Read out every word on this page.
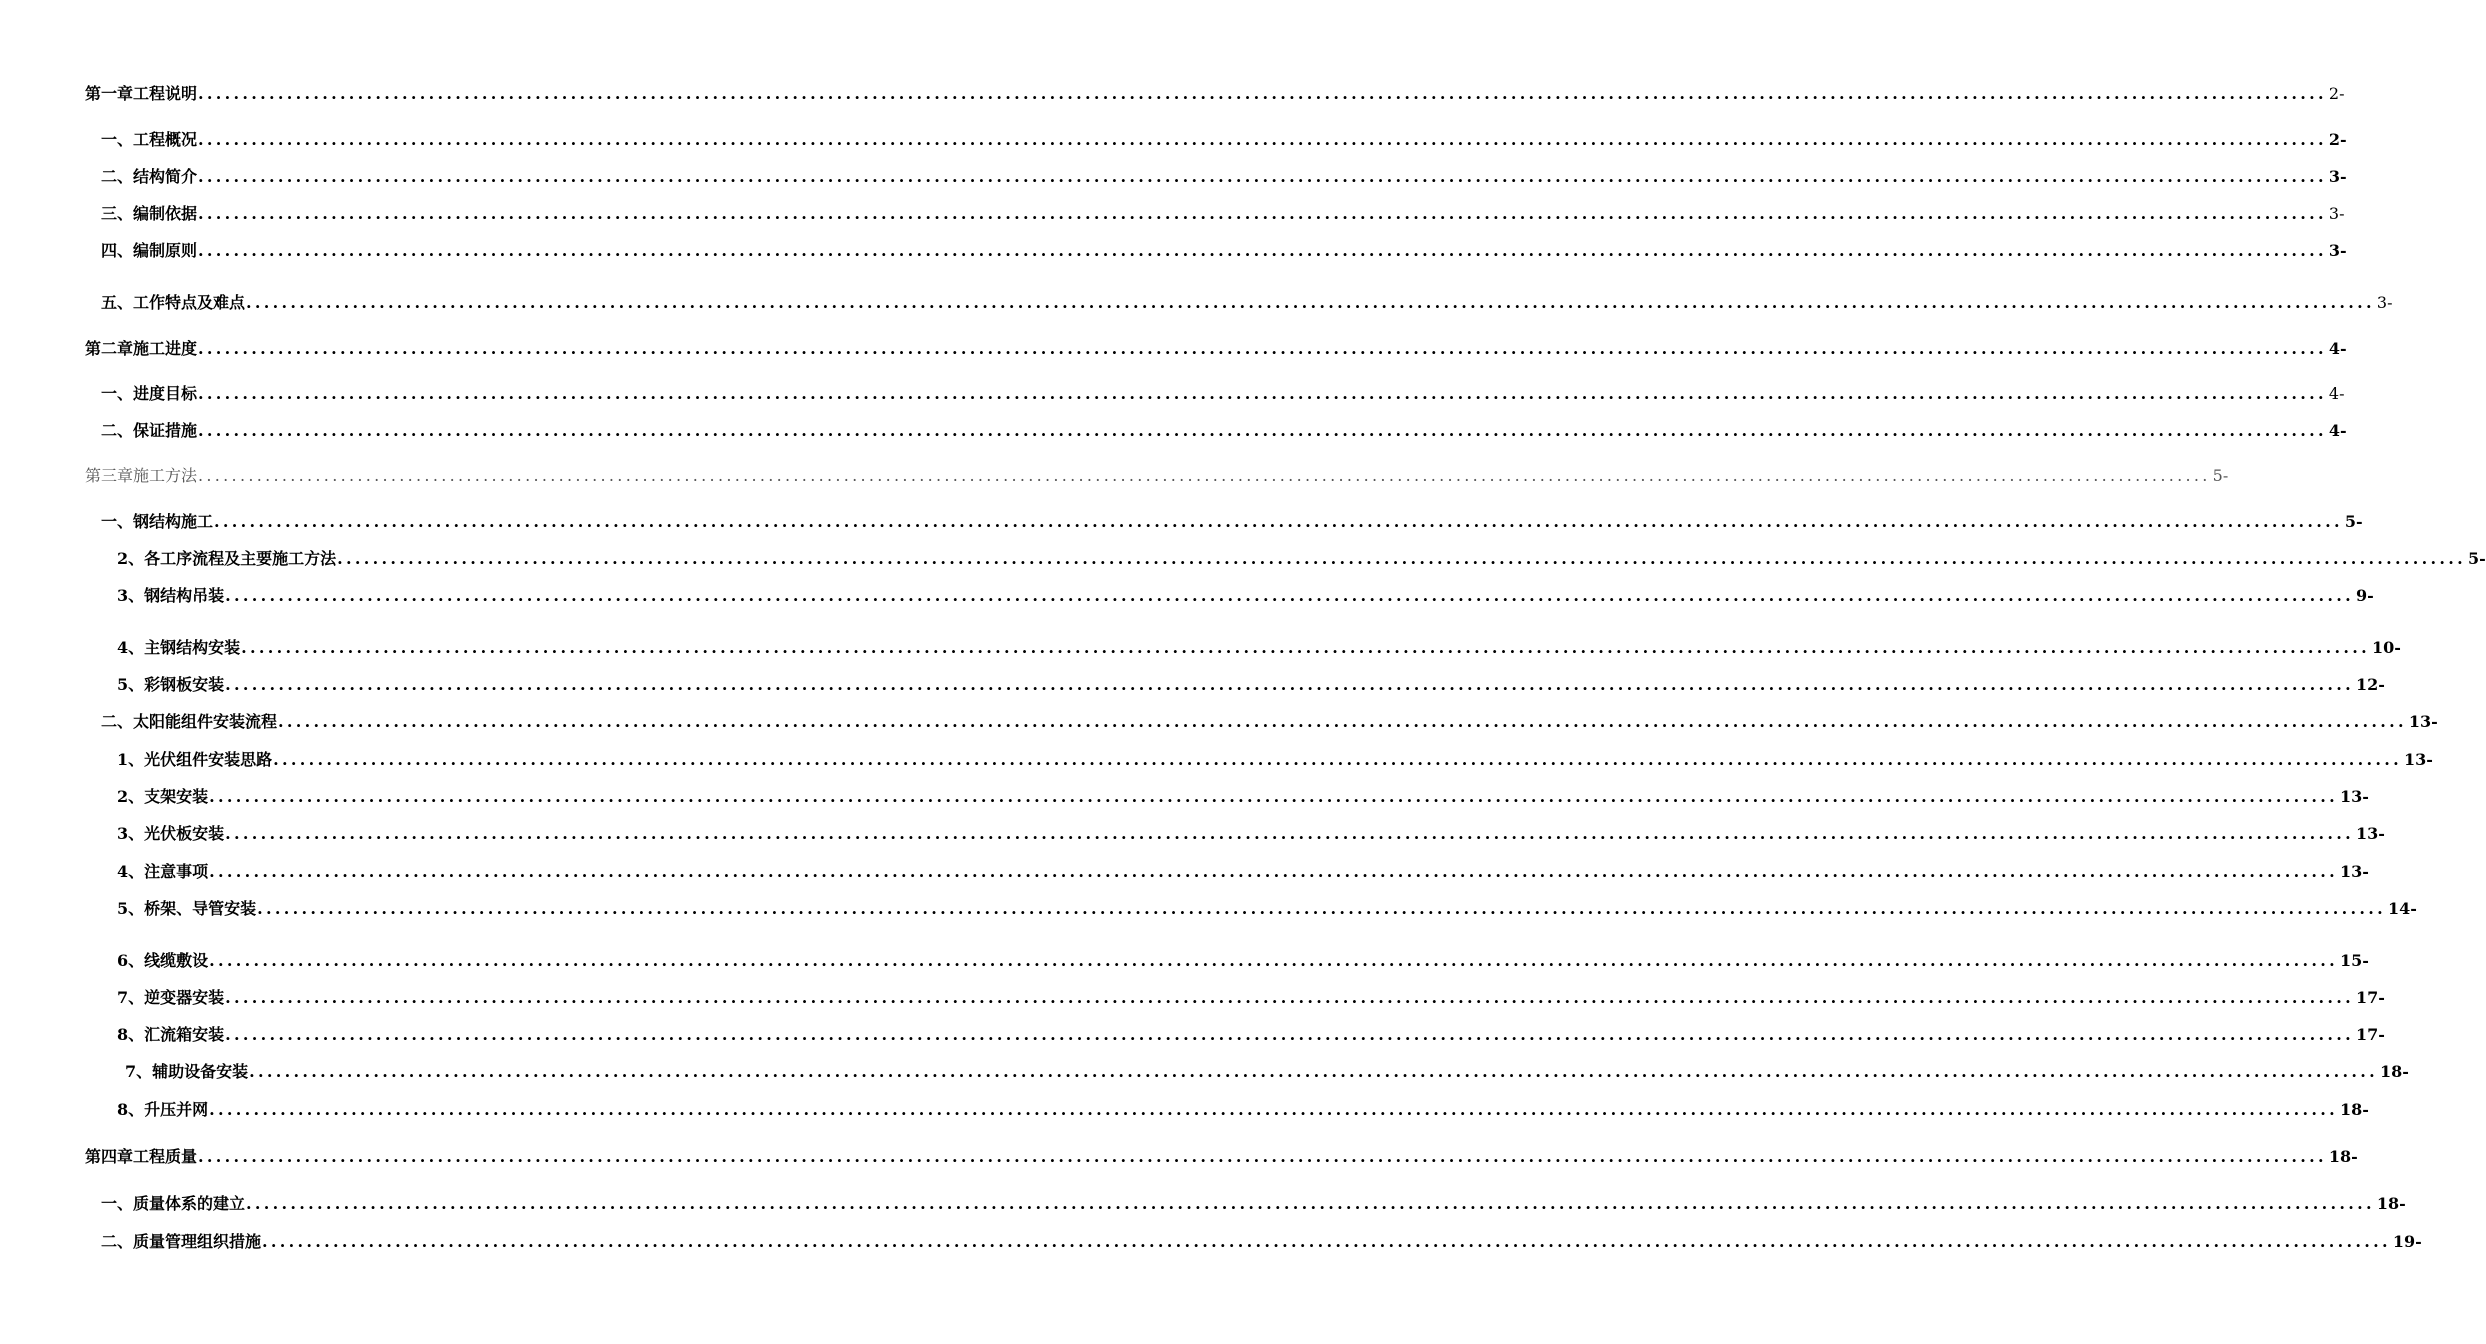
第一章工程说明 ................................................................................................................................................................................................................................................ 2-
一、工程概况 ................................................................................................................................................................................................................................................ 2-
二、结构简介 ................................................................................................................................................................................................................................................ 3-
三、编制依据 ................................................................................................................................................................................................................................................ 3-
四、编制原则 ................................................................................................................................................................................................................................................ 3-
五、工作特点及难点 ................................................................................................................................................................................................................................................ 3-
第二章施工进度 ................................................................................................................................................................................................................................................ 4-
一、进度目标 ................................................................................................................................................................................................................................................ 4-
二、保证措施 ................................................................................................................................................................................................................................................ 4-
第三章施工方法 ................................................................................................................................................................................................................................................ 5-
一、钢结构施工 ................................................................................................................................................................................................................................................ 5-
2、各工序流程及主要施工方法 ................................................................................................................................................................................................................................................ 5-
3、钢结构吊装 ................................................................................................................................................................................................................................................ 9-
4、主钢结构安装 ................................................................................................................................................................................................................................................ 10-
5、彩钢板安装 ................................................................................................................................................................................................................................................ 12-
二、太阳能组件安装流程 ................................................................................................................................................................................................................................................ 13-
1、光伏组件安装思路 ................................................................................................................................................................................................................................................ 13-
2、支架安装 ................................................................................................................................................................................................................................................ 13-
3、光伏板安装 ................................................................................................................................................................................................................................................ 13-
4、注意事项 ................................................................................................................................................................................................................................................ 13-
5、桥架、导管安装 ................................................................................................................................................................................................................................................ 14-
6、线缆敷设 ................................................................................................................................................................................................................................................ 15-
7、逆变器安装 ................................................................................................................................................................................................................................................ 17-
8、汇流箱安装 ................................................................................................................................................................................................................................................ 17-
7、辅助设备安装 ................................................................................................................................................................................................................................................ 18-
8、升压并网 ................................................................................................................................................................................................................................................ 18-
第四章工程质量 ................................................................................................................................................................................................................................................ 18-
一、质量体系的建立 ................................................................................................................................................................................................................................................ 18-
二、质量管理组织措施 ................................................................................................................................................................................................................................................ 19-
